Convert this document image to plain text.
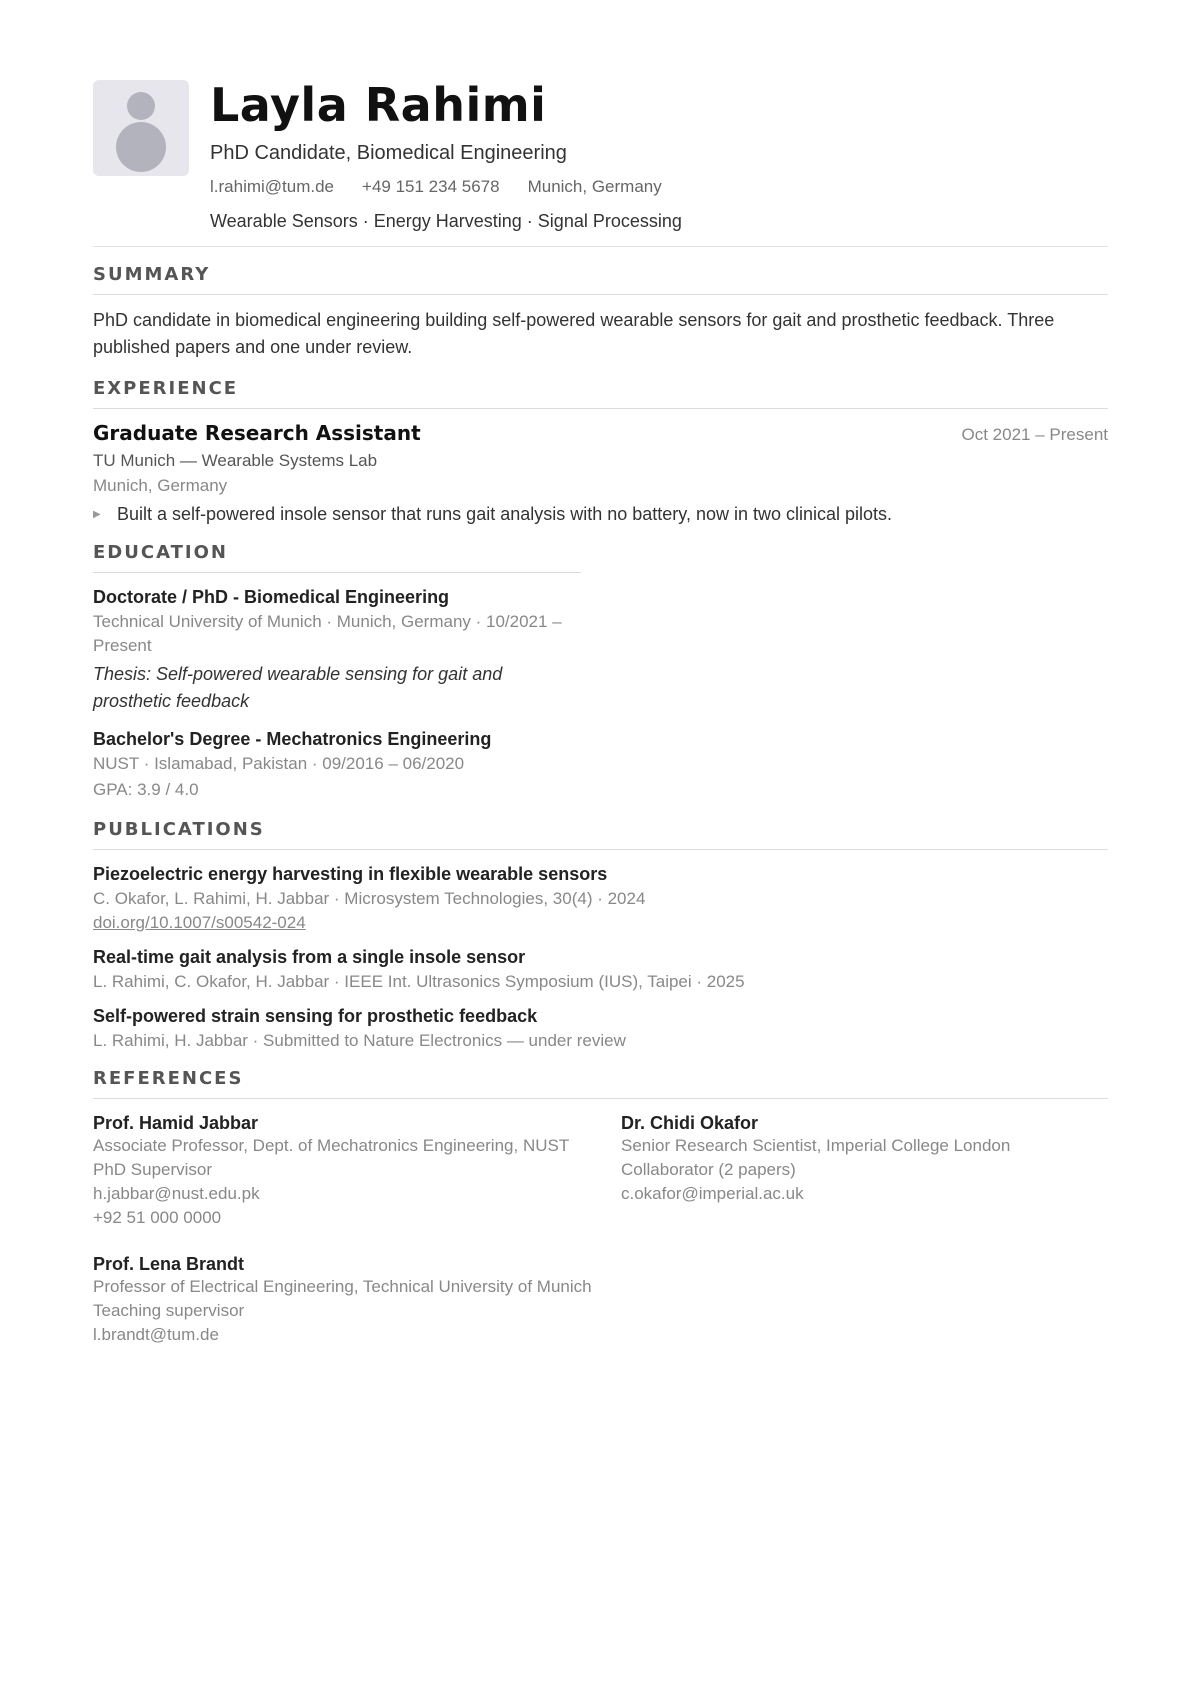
Layla Rahimi
PhD Candidate, Biomedical Engineering
l.rahimi@tum.de +49 151 234 5678 Munich, Germany
Wearable Sensors · Energy Harvesting · Signal Processing
SUMMARY
PhD candidate in biomedical engineering building self-powered wearable sensors for gait and prosthetic feedback. Three published papers and one under review.
EXPERIENCE
Graduate Research Assistant	Oct 2021 – Present
TU Munich — Wearable Systems Lab
Munich, Germany
▶ Built a self-powered insole sensor that runs gait analysis with no battery, now in two clinical pilots.
EDUCATION
Doctorate / PhD - Biomedical Engineering
Technical University of Munich · Munich, Germany · 10/2021 – Present
Thesis: Self-powered wearable sensing for gait and prosthetic feedback
Bachelor's Degree - Mechatronics Engineering
NUST · Islamabad, Pakistan · 09/2016 – 06/2020
GPA: 3.9 / 4.0
PUBLICATIONS
Piezoelectric energy harvesting in flexible wearable sensors
C. Okafor, L. Rahimi, H. Jabbar · Microsystem Technologies, 30(4) · 2024
doi.org/10.1007/s00542-024
Real-time gait analysis from a single insole sensor
L. Rahimi, C. Okafor, H. Jabbar · IEEE Int. Ultrasonics Symposium (IUS), Taipei · 2025
Self-powered strain sensing for prosthetic feedback
L. Rahimi, H. Jabbar · Submitted to Nature Electronics — under review
REFERENCES
Prof. Hamid Jabbar
Associate Professor, Dept. of Mechatronics Engineering, NUST
PhD Supervisor
h.jabbar@nust.edu.pk
+92 51 000 0000
Prof. Lena Brandt
Professor of Electrical Engineering, Technical University of Munich
Teaching supervisor
l.brandt@tum.de
Dr. Chidi Okafor
Senior Research Scientist, Imperial College London
Collaborator (2 papers)
c.okafor@imperial.ac.uk
